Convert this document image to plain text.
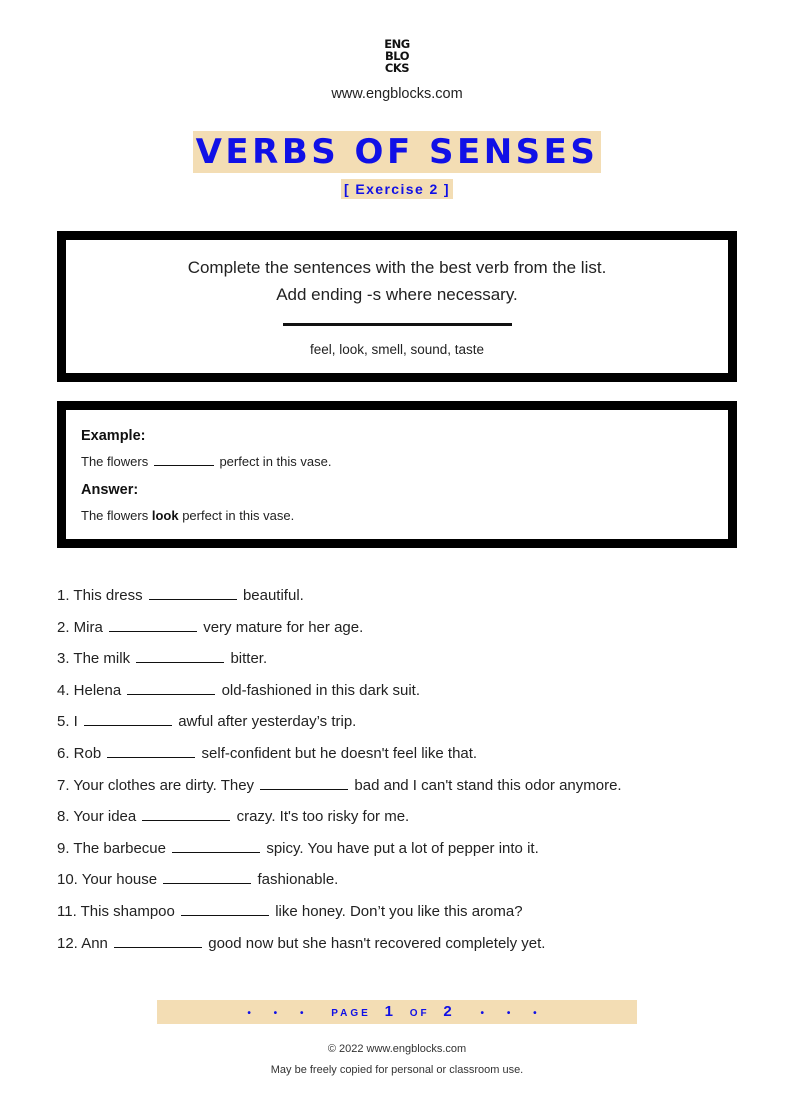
ENG
BLO
CKS
www.engblocks.com
VERBS OF SENSES
[ Exercise 2 ]
Complete the sentences with the best verb from the list.
Add ending -s where necessary.
feel, look, smell, sound, taste
Example:
The flowers	perfect in this vase.
Answer:
The flowers look perfect in this vase.
1. This dress	beautiful.
2. Mira	very mature for her age.
3. The milk	bitter.
4. Helena	old-fashioned in this dark suit.
5. I	awful after yesterday’s trip.
6. Rob	self-confident but he doesn't feel like that.
7. Your clothes are dirty. They	bad and I can't stand this odor anymore.
8. Your idea	crazy. It's too risky for me.
9. The barbecue	spicy. You have put a lot of pepper into it.
10. Your house	fashionable.
11. This shampoo	like honey. Don’t you like this aroma?
12. Ann	good now but she hasn't recovered completely yet.
• • • PAGE 1 OF 2	• • •
© 2022 www.engblocks.com
May be freely copied for personal or classroom use.
